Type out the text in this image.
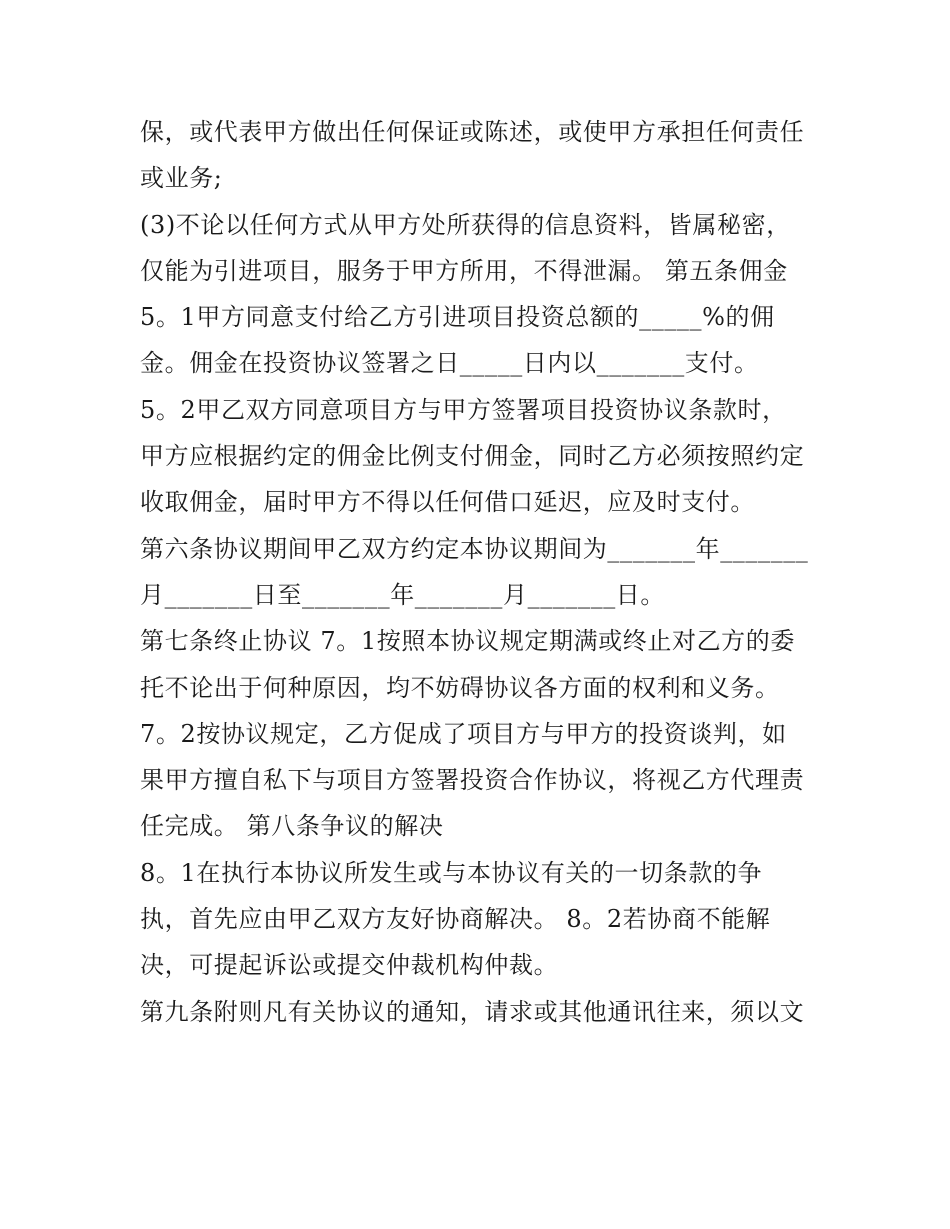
保，或代表甲方做出任何保证或陈述，或使甲方承担任何责任
或业务;
(3)不论以任何方式从甲方处所获得的信息资料，皆属秘密，
仅能为引进项目，服务于甲方所用，不得泄漏。 第五条佣金
5。1甲方同意支付给乙方引进项目投资总额的_____%的佣
金。佣金在投资协议签署之日_____日内以_______支付。
5。2甲乙双方同意项目方与甲方签署项目投资协议条款时，
甲方应根据约定的佣金比例支付佣金，同时乙方必须按照约定
收取佣金，届时甲方不得以任何借口延迟，应及时支付。
第六条协议期间甲乙双方约定本协议期间为_______年_______
月_______日至_______年_______月_______日。
第七条终止协议 7。1按照本协议规定期满或终止对乙方的委
托不论出于何种原因，均不妨碍协议各方面的权利和义务。
7。2按协议规定，乙方促成了项目方与甲方的投资谈判，如
果甲方擅自私下与项目方签署投资合作协议，将视乙方代理责
任完成。 第八条争议的解决
8。1在执行本协议所发生或与本协议有关的一切条款的争
执，首先应由甲乙双方友好协商解决。 8。2若协商不能解
决，可提起诉讼或提交仲裁机构仲裁。
第九条附则凡有关协议的通知，请求或其他通讯往来，须以文
